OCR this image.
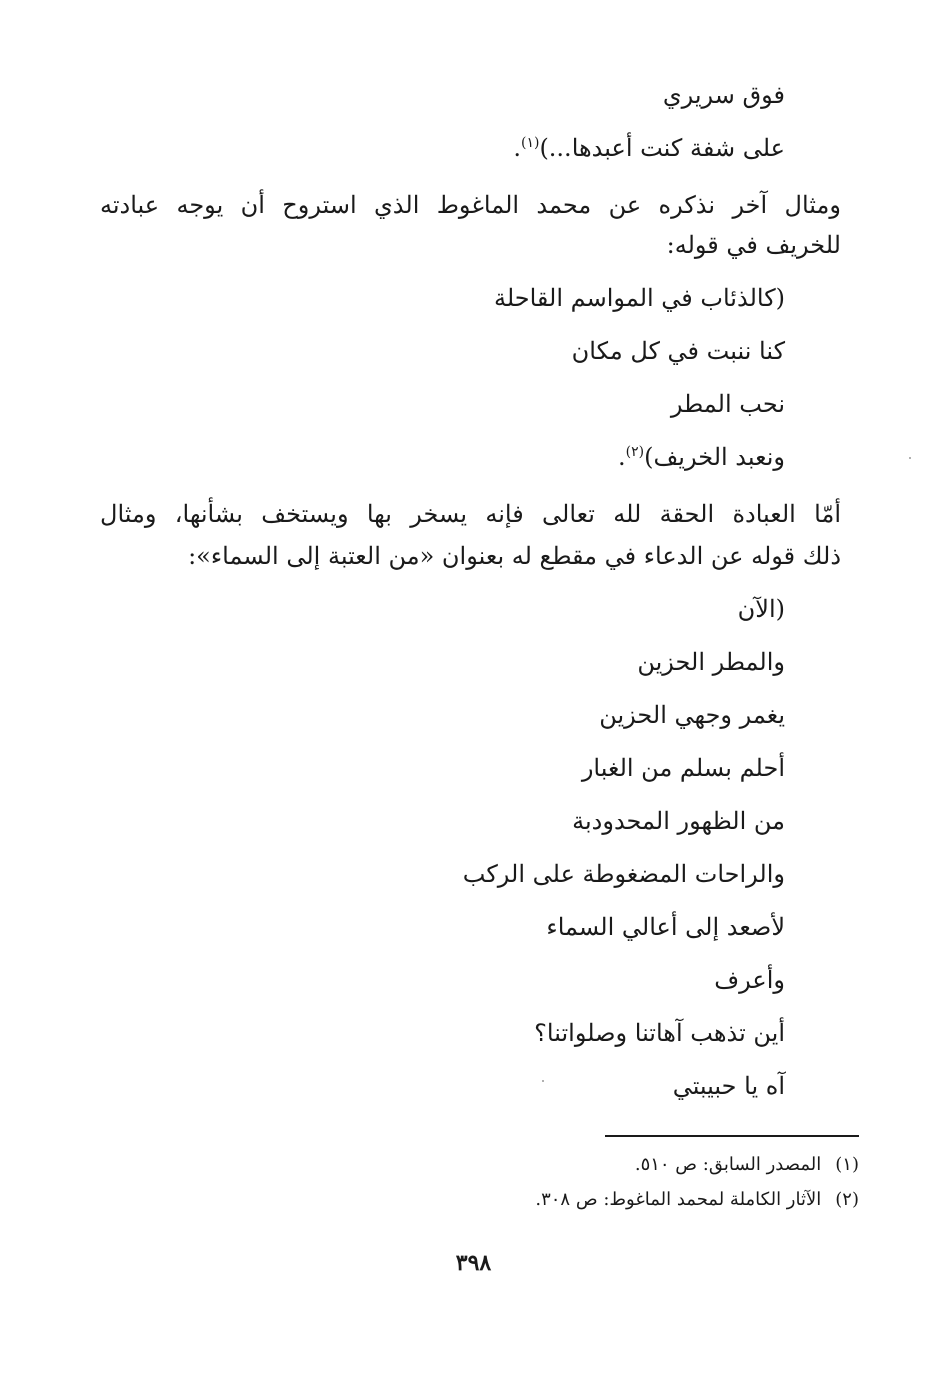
فوق سريري
على شفة كنت أعبدها...)$^{(١)}$.
ومثال آخر نذكره عن محمد الماغوط الذي استروح أن يوجه عبادته
للخريف في قوله:
(كالذئاب في المواسم القاحلة
كنا ننبت في كل مكان
نحب المطر
ونعبد الخريف)$^{(٢)}$.
أمّا العبادة الحقة لله تعالى فإنه يسخر بها ويستخف بشأنها، ومثال
ذلك قوله عن الدعاء في مقطع له بعنوان «من العتبة إلى السماء»:
(الآن
والمطر الحزين
يغمر وجهي الحزين
أحلم بسلم من الغبار
من الظهور المحدودبة
والراحات المضغوطة على الركب
لأصعد إلى أعالي السماء
وأعرف
أين تذهب آهاتنا وصلواتنا؟
آه يا حبيبتي
(١)المصدر السابق: ص ٥١٠.
(٢)الآثار الكاملة لمحمد الماغوط: ص ٣٠٨.
٣٩٨
